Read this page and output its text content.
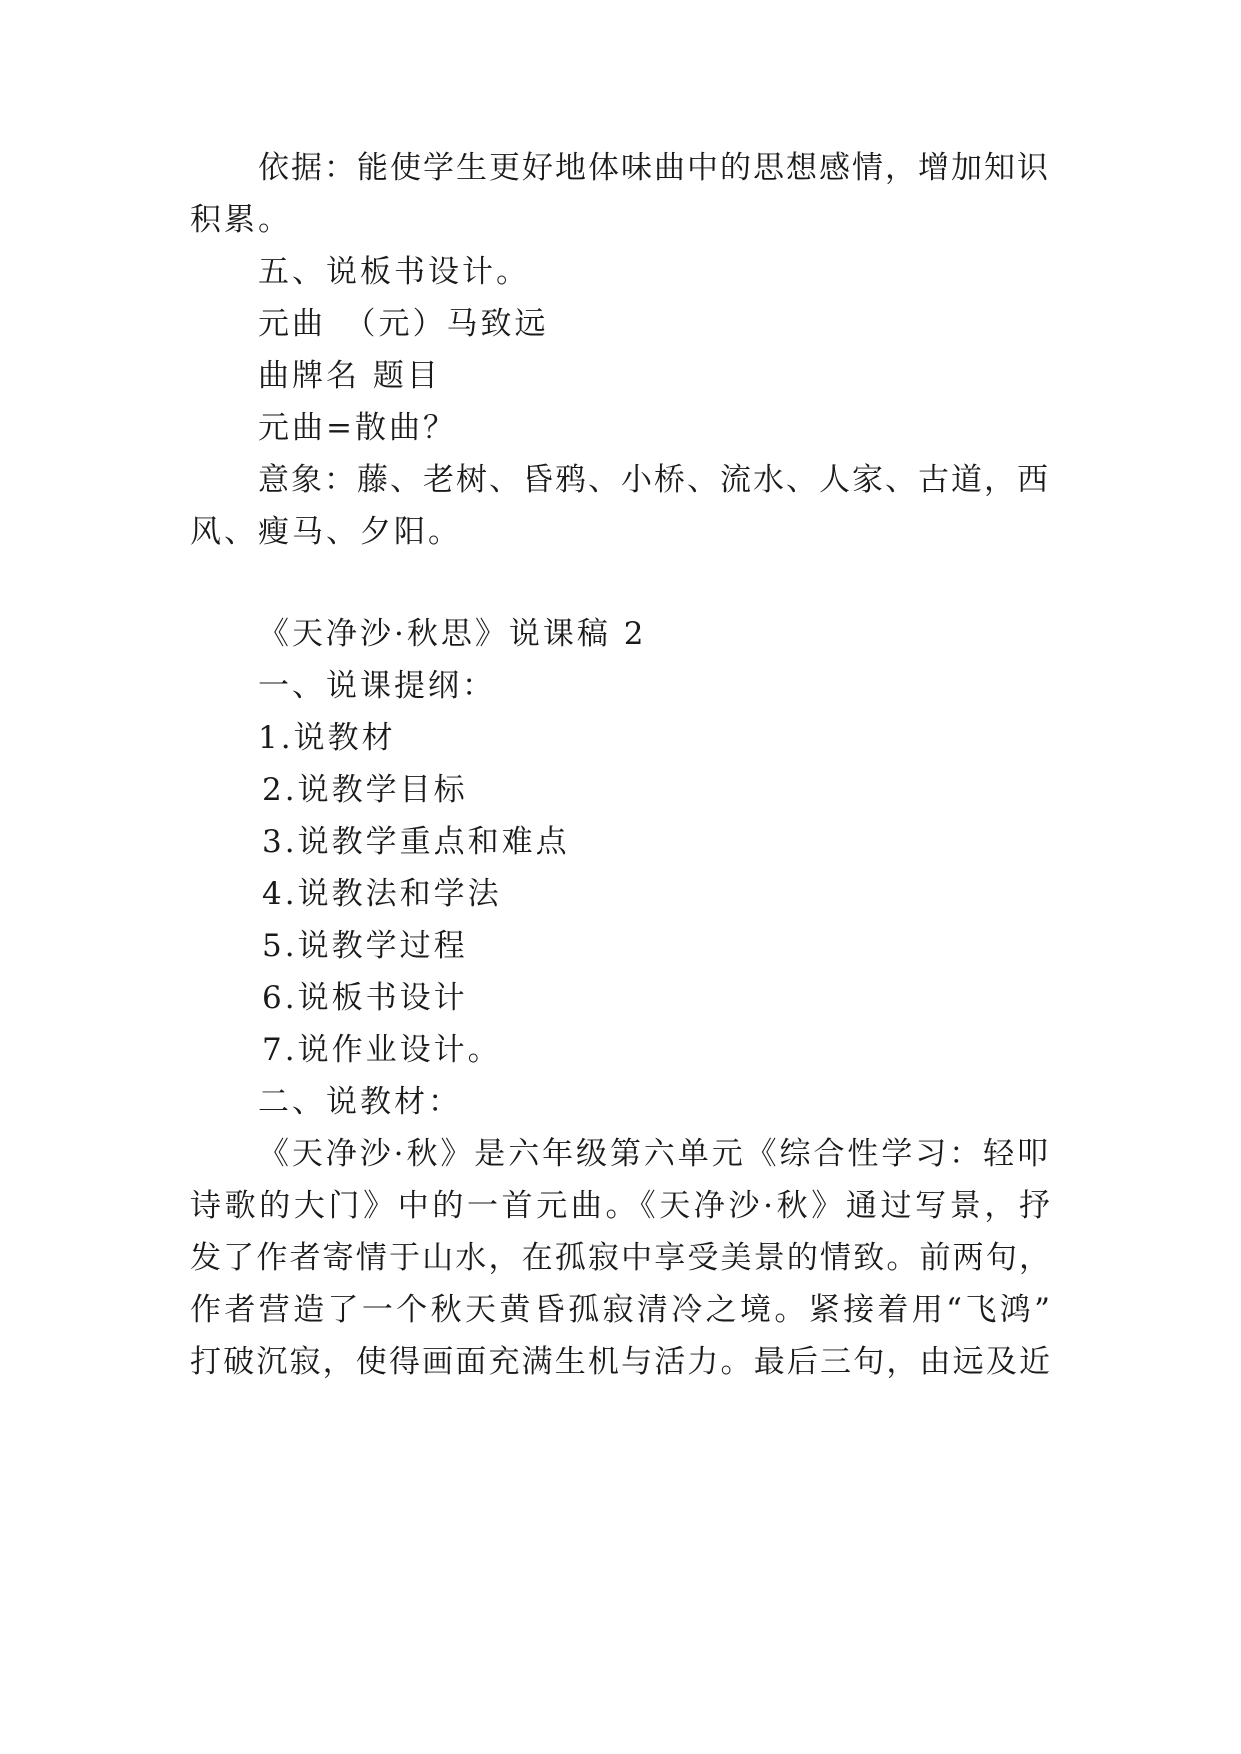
依据：能使学生更好地体味曲中的思想感情，增加知识
积累。
五、说板书设计。
元曲　（元）马致远
曲牌名 题目
元曲=散曲？
意象：藤、老树、昏鸦、小桥、流水、人家、古道，西
风、瘦马、夕阳。
《天净沙·秋思》说课稿 2
一、说课提纲：
1.说教材
2.说教学目标
3.说教学重点和难点
4.说教法和学法
5.说教学过程
6.说板书设计
7.说作业设计。
二、说教材：
《天净沙·秋》是六年级第六单元《综合性学习：轻叩
诗歌的大门》中的一首元曲。《天净沙·秋》通过写景，抒
发了作者寄情于山水，在孤寂中享受美景的情致。前两句，
作者营造了一个秋天黄昏孤寂清冷之境。紧接着用“飞鸿”
打破沉寂，使得画面充满生机与活力。最后三句，由远及近
